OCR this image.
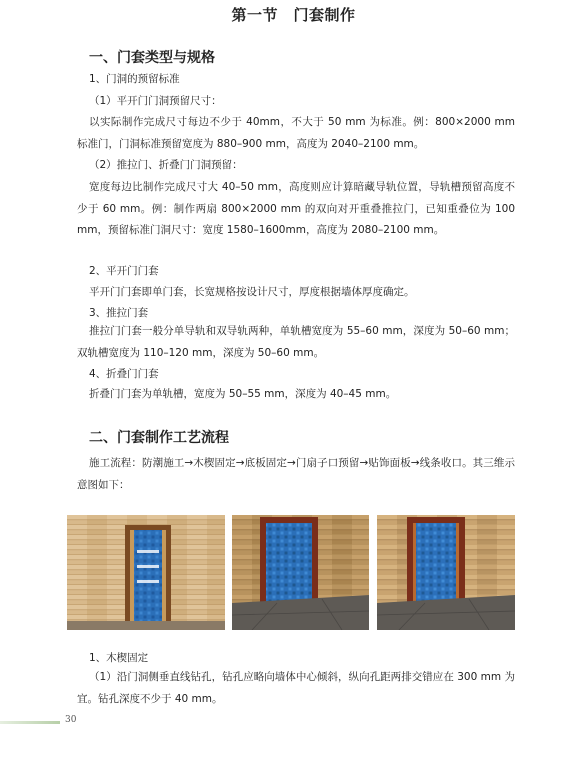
第一节　门套制作
一、门套类型与规格
1、门洞的预留标准
（1）平开门门洞预留尺寸：
以实际制作完成尺寸每边不少于 40mm，不大于 50 mm 为标准。例：800×2000 mm 标准门，门洞标准预留宽度为 880–900 mm，高度为 2040–2100 mm。
（2）推拉门、折叠门门洞预留：
宽度每边比制作完成尺寸大 40–50 mm，高度则应计算暗藏导轨位置，导轨槽预留高度不少于 60 mm。例：制作两扇 800×2000 mm 的双向对开重叠推拉门，已知重叠位为 100 mm，预留标准门洞尺寸：宽度 1580–1600mm，高度为 2080–2100 mm。
2、平开门门套
平开门门套即单门套，长宽规格按设计尺寸，厚度根据墙体厚度确定。
3、推拉门套
推拉门门套一般分单导轨和双导轨两种，单轨槽宽度为 55–60 mm，深度为 50–60 mm；双轨槽宽度为 110–120 mm，深度为 50–60 mm。
4、折叠门门套
折叠门门套为单轨槽，宽度为 50–55 mm，深度为 40–45 mm。
二、门套制作工艺流程
施工流程：防潮施工→木楔固定→底板固定→门扇子口预留→贴饰面板→线条收口。其三维示意图如下：
1、木楔固定
（1）沿门洞侧垂直线钻孔，钻孔应略向墙体中心倾斜，纵向孔距两排交错应在 300 mm 为宜。钻孔深度不少于 40 mm。
30
